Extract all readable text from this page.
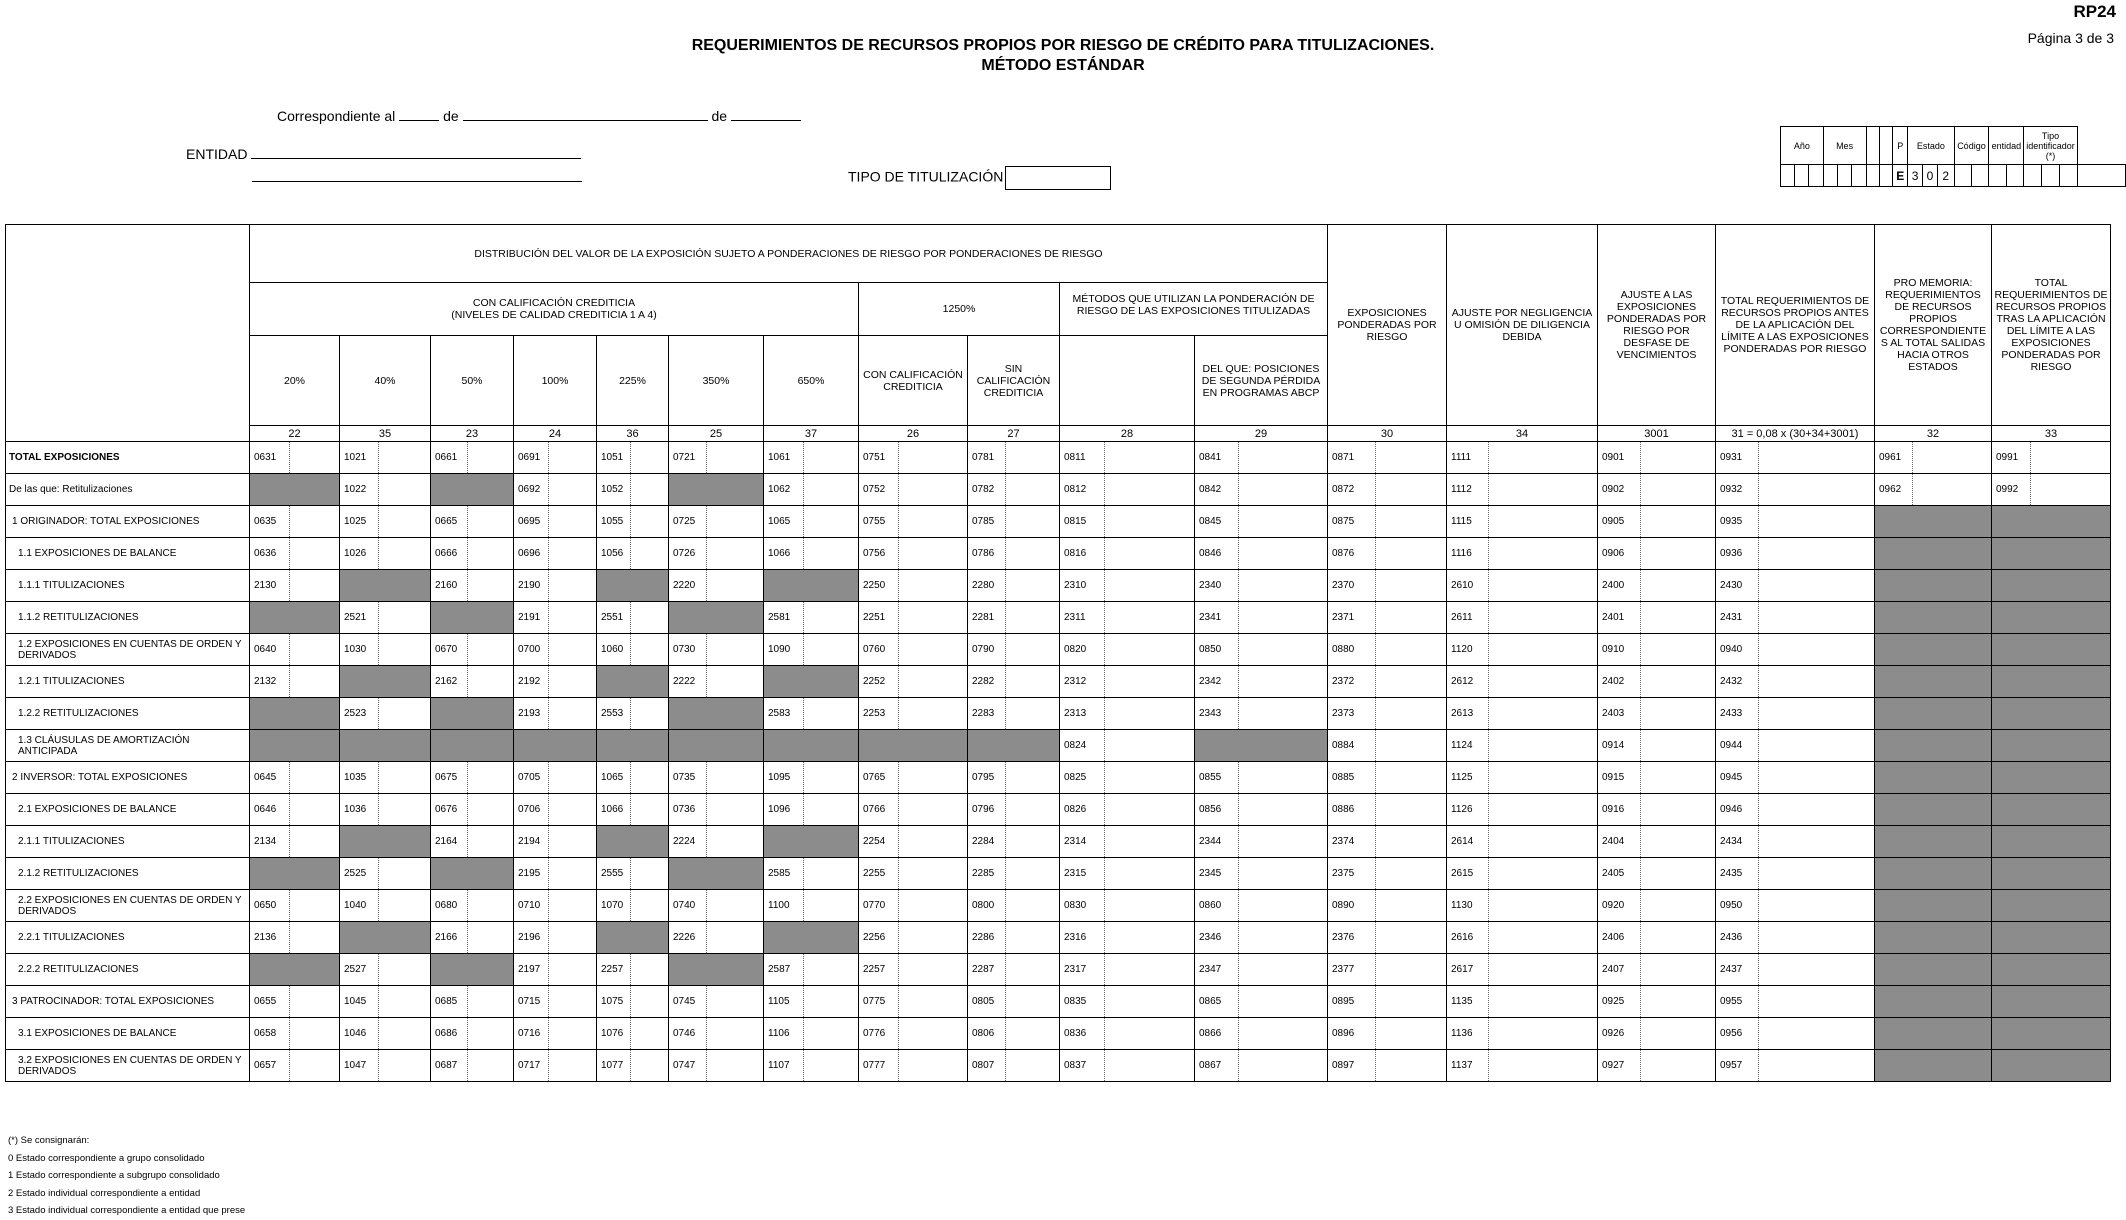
RP24
Página 3 de 3
REQUERIMIENTOS DE RECURSOS PROPIOS POR RIESGO DE CRÉDITO PARA TITULIZACIONES.
MÉTODO ESTÁNDAR
Correspondiente al	de	de
ENTIDAD
TIPO DE TITULIZACIÓN
Año			Mes					P	Estado			Código		entidad		Tipo identificador (*)			
								E	3	0	2								
	DISTRIBUCIÓN DEL VALOR DE LA EXPOSICIÓN SUJETO A PONDERACIONES DE RIESGO POR PONDERACIONES DE RIESGO																						EXPOSICIONES PONDERADAS POR RIESGO		AJUSTE POR NEGLIGENCIA U OMISIÓN DE DILIGENCIA DEBIDA		AJUSTE A LAS EXPOSICIONES PONDERADAS POR RIESGO POR DESFASE DE VENCIMIENTOS		TOTAL REQUERIMIENTOS DE RECURSOS PROPIOS ANTES DE LA APLICACIÓN DEL LÍMITE A LAS EXPOSICIONES PONDERADAS POR RIESGO		PRO MEMORIA: REQUERIMIENTOS DE RECURSOS PROPIOS CORRESPONDIENTE S AL TOTAL SALIDAS HACIA OTROS ESTADOS		TOTAL REQUERIMIENTOS DE RECURSOS PROPIOS TRAS LA APLICACIÓN DEL LÍMITE A LAS EXPOSICIONES PONDERADAS POR RIESGO	
	CON CALIFICACIÓN CREDITICIA
(NIVELES DE CALIDAD CREDITICIA 1 A 4)														1250%				MÉTODOS QUE UTILIZAN LA PONDERACIÓN DE RIESGO DE LAS EXPOSICIONES TITULIZADAS															
	20%		40%		50%		100%		225%		350%		650%		CON CALIFICACIÓN CREDITICIA		SIN CALIFICACIÓN CREDITICIA				DEL QUE: POSICIONES DE SEGUNDA PÉRDIDA EN PROGRAMAS ABCP													
	22		35		23		24		36		25		37		26		27		28		29		30		34		3001		31 = 0,08 x (30+34+3001)		32		33	
TOTAL EXPOSICIONES	0631		1021		0661		0691		1051		0721		1061		0751		0781		0811		0841		0871		1111		0901		0931		0961		0991	
De las que: Retitulizaciones			1022				0692		1052				1062		0752		0782		0812		0842		0872		1112		0902		0932		0962		0992	
1 ORIGINADOR: TOTAL EXPOSICIONES	0635		1025		0665		0695		1055		0725		1065		0755		0785		0815		0845		0875		1115		0905		0935					
1.1 EXPOSICIONES DE BALANCE	0636		1026		0666		0696		1056		0726		1066		0756		0786		0816		0846		0876		1116		0906		0936					
1.1.1 TITULIZACIONES	2130				2160		2190				2220				2250		2280		2310		2340		2370		2610		2400		2430					
1.1.2 RETITULIZACIONES			2521				2191		2551				2581		2251		2281		2311		2341		2371		2611		2401		2431					
1.2 EXPOSICIONES EN CUENTAS DE ORDEN Y DERIVADOS	0640		1030		0670		0700		1060		0730		1090		0760		0790		0820		0850		0880		1120		0910		0940					
1.2.1 TITULIZACIONES	2132				2162		2192				2222				2252		2282		2312		2342		2372		2612		2402		2432					
1.2.2 RETITULIZACIONES			2523				2193		2553				2583		2253		2283		2313		2343		2373		2613		2403		2433					
1.3 CLÁUSULAS DE AMORTIZACIÓN ANTICIPADA																			0824				0884		1124		0914		0944					
2 INVERSOR: TOTAL EXPOSICIONES	0645		1035		0675		0705		1065		0735		1095		0765		0795		0825		0855		0885		1125		0915		0945					
2.1 EXPOSICIONES DE BALANCE	0646		1036		0676		0706		1066		0736		1096		0766		0796		0826		0856		0886		1126		0916		0946					
2.1.1 TITULIZACIONES	2134				2164		2194				2224				2254		2284		2314		2344		2374		2614		2404		2434					
2.1.2 RETITULIZACIONES			2525				2195		2555				2585		2255		2285		2315		2345		2375		2615		2405		2435					
2.2 EXPOSICIONES EN CUENTAS DE ORDEN Y DERIVADOS	0650		1040		0680		0710		1070		0740		1100		0770		0800		0830		0860		0890		1130		0920		0950					
2.2.1 TITULIZACIONES	2136				2166		2196				2226				2256		2286		2316		2346		2376		2616		2406		2436					
2.2.2 RETITULIZACIONES			2527				2197		2257				2587		2257		2287		2317		2347		2377		2617		2407		2437					
3 PATROCINADOR: TOTAL EXPOSICIONES	0655		1045		0685		0715		1075		0745		1105		0775		0805		0835		0865		0895		1135		0925		0955					
3.1 EXPOSICIONES DE BALANCE	0658		1046		0686		0716		1076		0746		1106		0776		0806		0836		0866		0896		1136		0926		0956					
3.2 EXPOSICIONES EN CUENTAS DE ORDEN Y DERIVADOS	0657		1047		0687		0717		1077		0747		1107		0777		0807		0837		0867		0897		1137		0927		0957					
(*) Se consignarán:
0 Estado correspondiente a grupo consolidado
1 Estado correspondiente a subgrupo consolidado
2 Estado individual correspondiente a entidad
3 Estado individual correspondiente a entidad que prese
